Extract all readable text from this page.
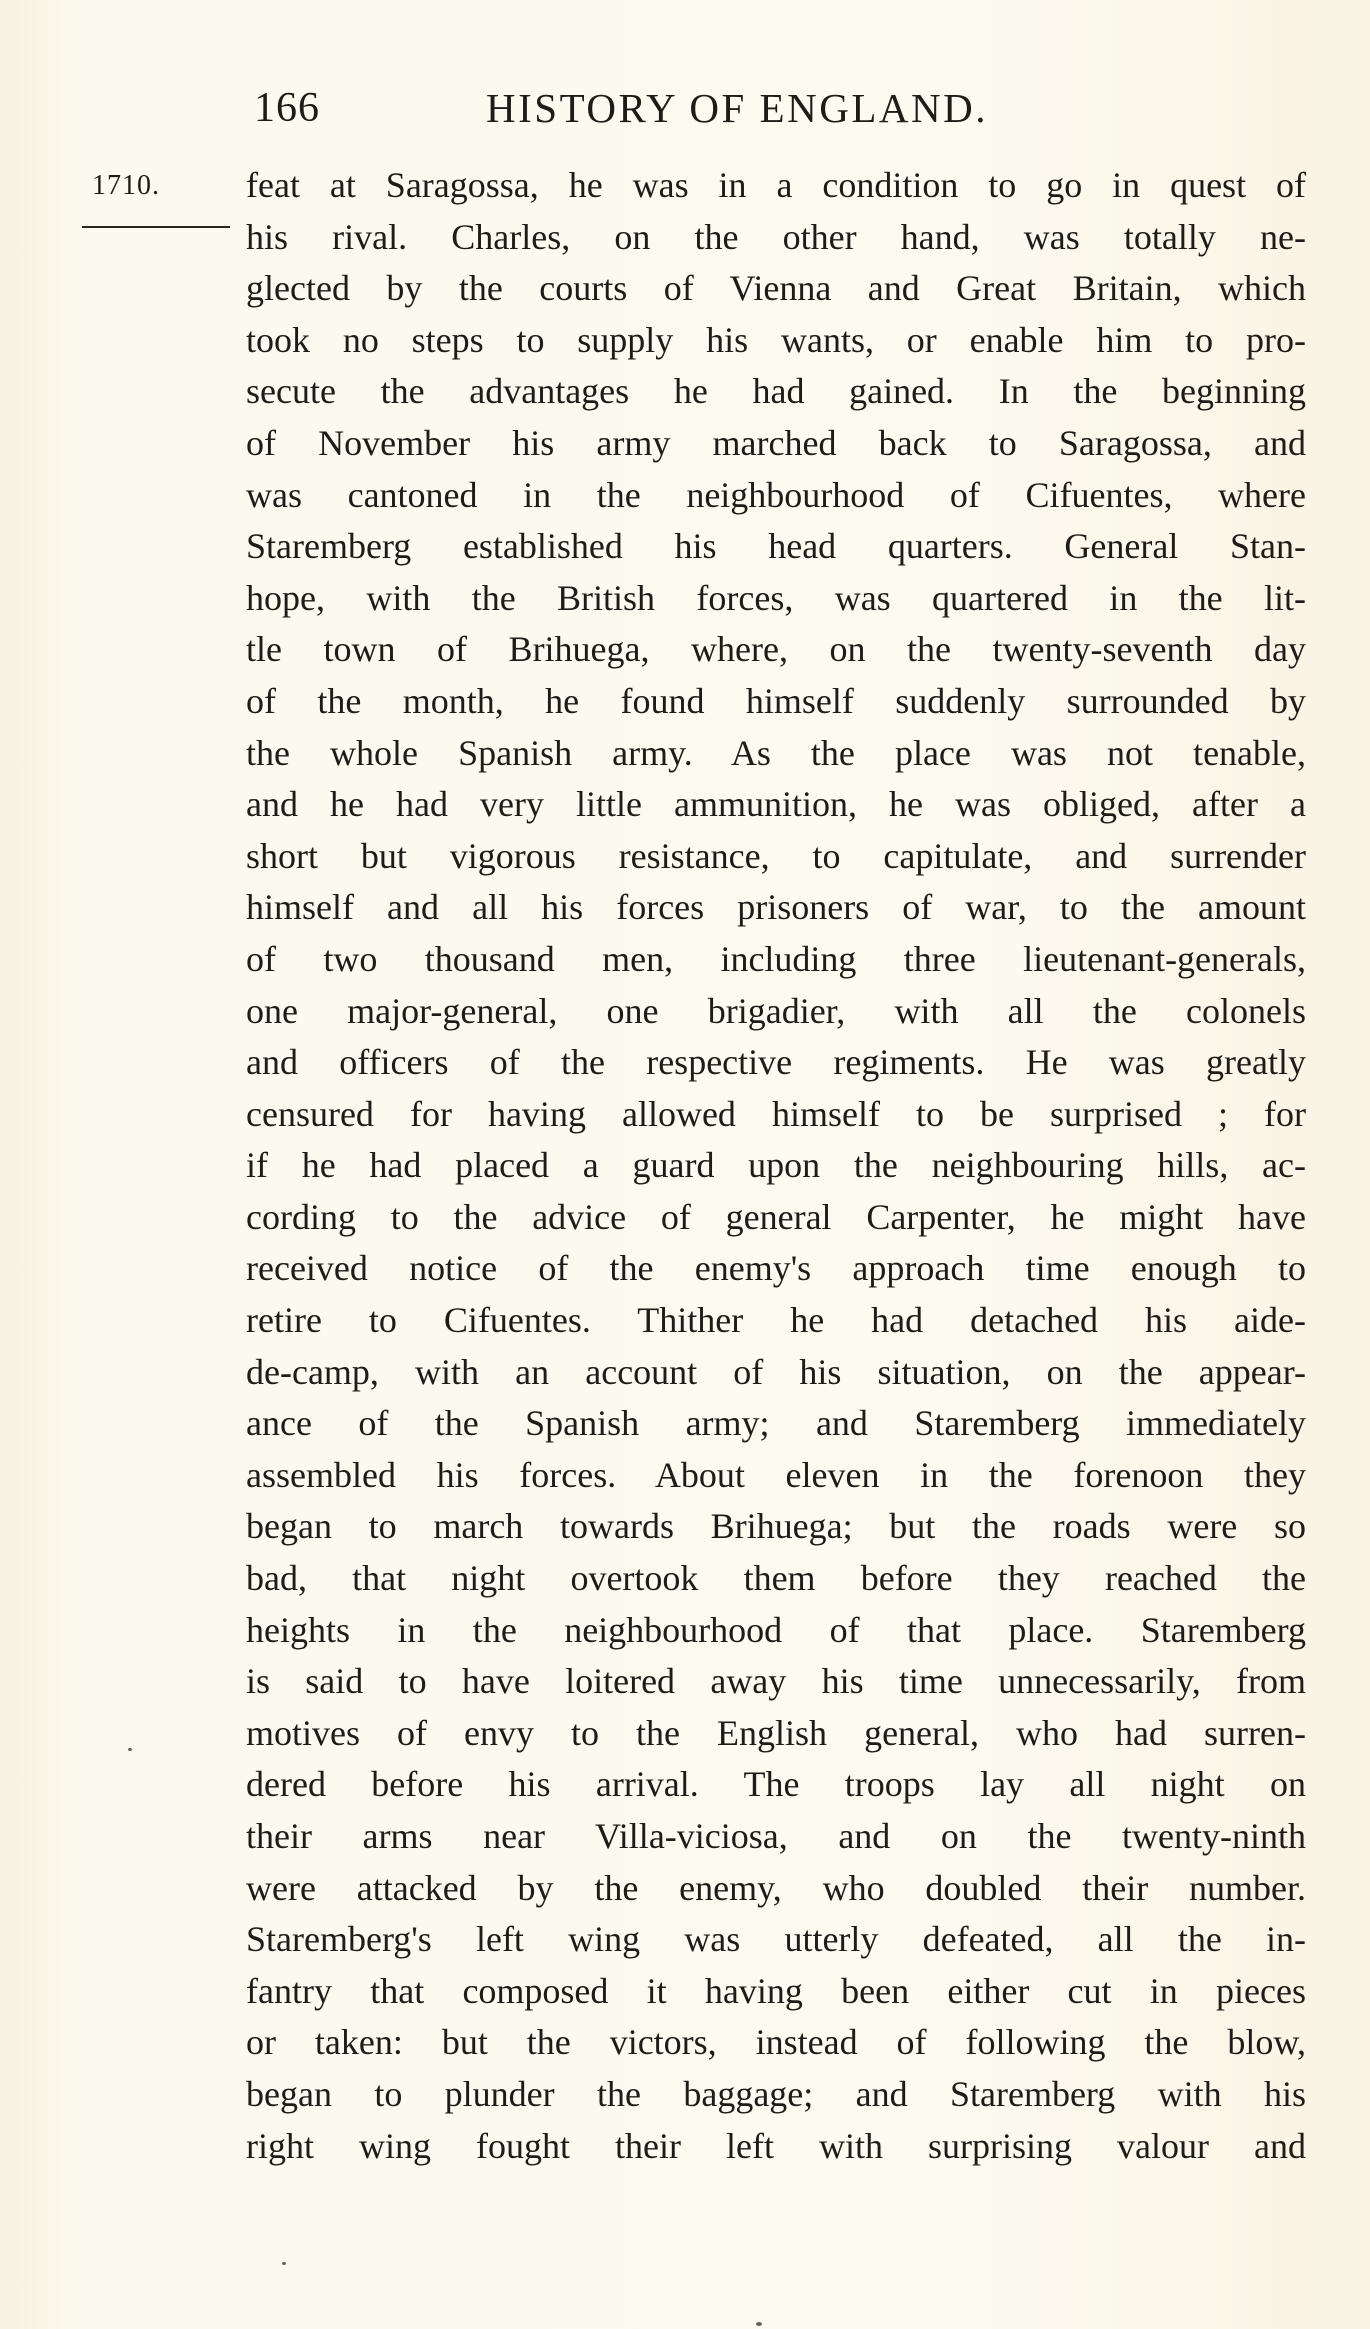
166	HISTORY OF ENGLAND.
1710. feat at Saragossa, he was in a condition to go in quest of
his rival. Charles, on the other hand, was totally ne-
glected by the courts of Vienna and Great Britain, which
took no steps to supply his wants, or enable him to pro-
secute the advantages he had gained. In the beginning
of November his army marched back to Saragossa, and
was cantoned in the neighbourhood of Cifuentes, where
Staremberg established his head quarters. General Stan-
hope, with the British forces, was quartered in the lit-
tle town of Brihuega, where, on the twenty-seventh day
of the month, he found himself suddenly surrounded by
the whole Spanish army. As the place was not tenable,
and he had very little ammunition, he was obliged, after a
short but vigorous resistance, to capitulate, and surrender
himself and all his forces prisoners of war, to the amount
of two thousand men, including three lieutenant-generals,
one major-general, one brigadier, with all the colonels
and officers of the respective regiments. He was greatly
censured for having allowed himself to be surprised ; for
if he had placed a guard upon the neighbouring hills, ac-
cording to the advice of general Carpenter, he might have
received notice of the enemy's approach time enough to
retire to Cifuentes. Thither he had detached his aide-
de-camp, with an account of his situation, on the appear-
ance of the Spanish army; and Staremberg immediately
assembled his forces. About eleven in the forenoon they
began to march towards Brihuega; but the roads were so
bad, that night overtook them before they reached the
heights in the neighbourhood of that place. Staremberg
is said to have loitered away his time unnecessarily, from
motives of envy to the English general, who had surren-
dered before his arrival. The troops lay all night on
their arms near Villa-viciosa, and on the twenty-ninth
were attacked by the enemy, who doubled their number.
Staremberg's left wing was utterly defeated, all the in-
fantry that composed it having been either cut in pieces
or taken: but the victors, instead of following the blow,
began to plunder the baggage; and Staremberg with his
right wing fought their left with surprising valour and
